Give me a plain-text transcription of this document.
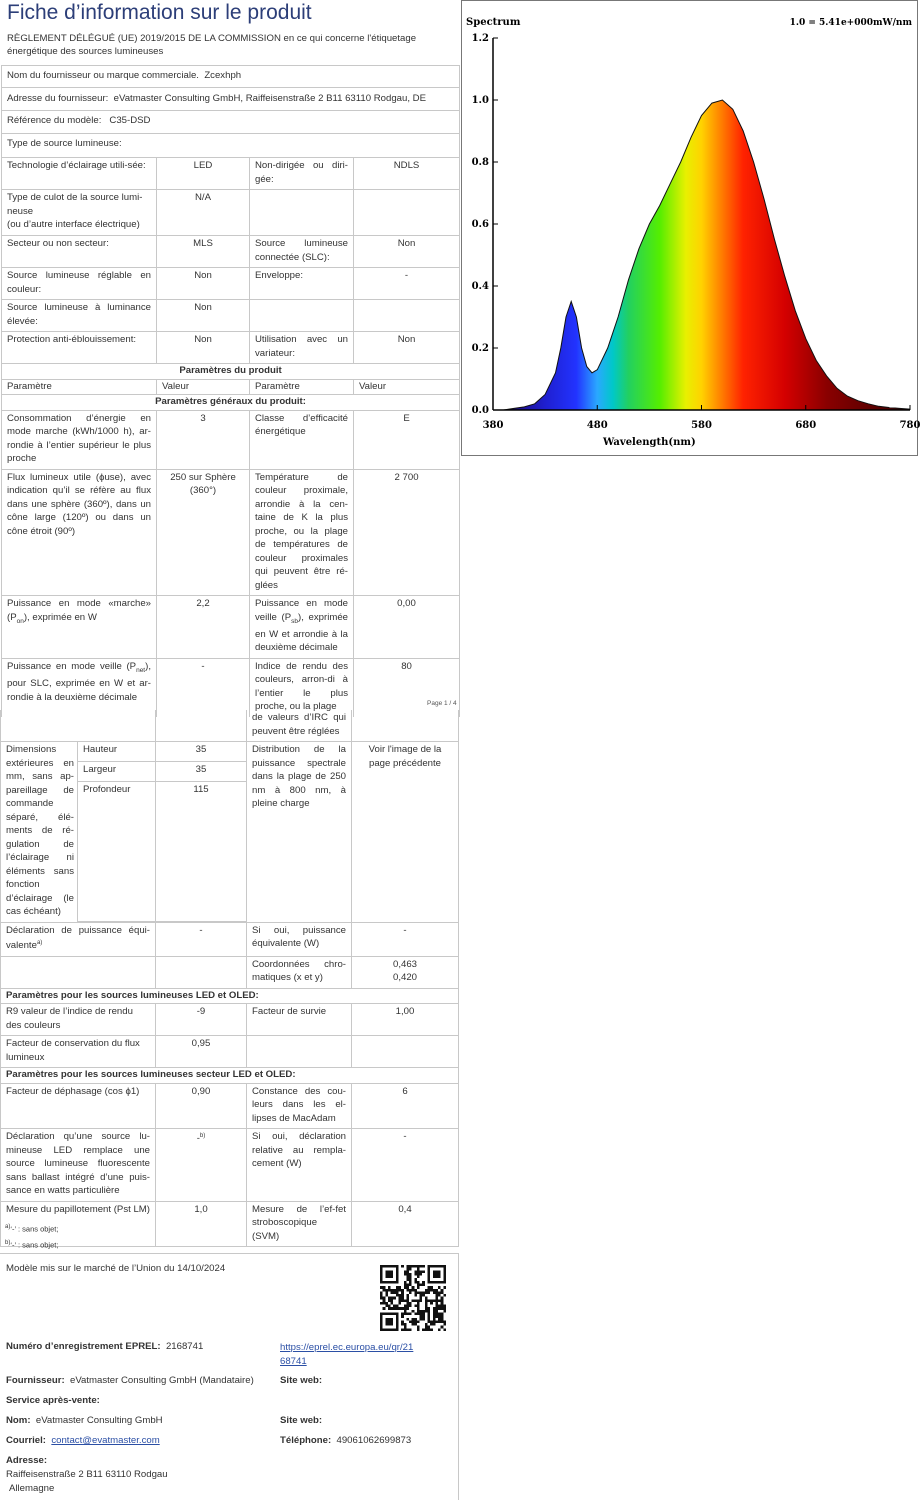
Fiche d’information sur le produit
RÈGLEMENT DÉLÉGUÉ (UE) 2019/2015 DE LA COMMISSION en ce qui concerne l'étiquetage énergétique des sources lumineuses
Nom du fournisseur ou marque commerciale. Zcexhph			
Adresse du fournisseur: eVatmaster Consulting GmbH, Raiffeisenstraße 2 B11 63110 Rodgau, DE			
Référence du modèle: C35-DSD			
Type de source lumineuse:			
Technologie d’éclairage utili-sée:	LED	Non-dirigée ou diri-gée:	NDLS
Type de culot de la source lumi-neuse
(ou d’autre interface électrique)	N/A		
Secteur ou non secteur:	MLS	Source lumineuse connectée (SLC):	Non
Source lumineuse réglable en couleur:	Non	Enveloppe:	-
Source lumineuse à luminance élevée:	Non		
Protection anti-éblouissement:	Non	Utilisation avec un variateur:	Non
Paramètres du produit			
Paramètre	Valeur	Paramètre	Valeur
Paramètres généraux du produit:			
Consommation d’énergie en mode marche (kWh/1000 h), ar-rondie à l’entier supérieur le plus proche	3	Classe d’efficacité énergétique	E
Flux lumineux utile (ϕuse), avec indication qu’il se réfère au flux dans une sphère (360º), dans un cône large (120º) ou dans un cône étroit (90º)	250 sur Sphère (360°)	Température de couleur proximale, arrondie à la cen-taine de K la plus proche, ou la plage de températures de couleur proximales qui peuvent être ré-glées	2 700
Puissance en mode «marche» $(P_{on})$, exprimée en W	2,2	Puissance en mode veille $(P_{sb})$, exprimée en W et arrondie à la deuxième décimale	0,00
Puissance en mode veille $(P_{net})$, pour SLC, exprimée en W et ar-rondie à la deuxième décimale	-	Indice de rendu des couleurs, arron-di à l’entier le plus proche, ou la plage	80
Page 1 / 4
			de valeurs d’IRC qui peuvent être réglées	
Dimensions extérieures en mm, sans ap-pareillage de commande séparé, élé-ments de ré-gulation de l’éclairage ni éléments sans fonction d’éclairage (le cas échéant)	Hauteur	35	Distribution de la puissance spectrale dans la plage de 250 nm à 800 nm, à pleine charge	Voir l'image de la page précédente
	Largeur	35		
	Profondeur	115		

Déclaration de puissance équi-valente$^{a)}$		-	Si oui, puissance équivalente (W)	-
			Coordonnées chro-matiques (x et y)	0,463
0,420
Paramètres pour les sources lumineuses LED et OLED:				
R9 valeur de l’indice de rendu des couleurs		-9	Facteur de survie	1,00
Facteur de conservation du flux lumineux		0,95		
Paramètres pour les sources lumineuses secteur LED et OLED:				
Facteur de déphasage (cos ϕ1)		0,90	Constance des cou-leurs dans les el-lipses de MacAdam	6
Déclaration qu’une source lu-mineuse LED remplace une source lumineuse fluorescente sans ballast intégré d’une puis-sance en watts particulière		-$^{b)}$	Si oui, déclaration relative au rempla-cement (W)	-
Mesure du papillotement (Pst LM)		1,0	Mesure de l’ef-fet stroboscopique (SVM)	0,4
$^{a)}$‘-’ : sans objet;
$^{b)}$‘-’ : sans objet;
Modèle mis sur le marché de l’Union du 14/10/2024
Numéro d’enregistrement EPREL: 2168741	https://eprel.ec.europa.eu/qr/21
68741
Fournisseur: eVatmaster Consulting GmbH (Mandataire)	Site web:
Service après-vente:
Nom: eVatmaster Consulting GmbH	Site web:
Courriel: contact@evatmaster.com	Téléphone: 49061062699873
Adresse:
Raiffeisenstraße 2 B11 63110 Rodgau
Allemagne
0.0
0.2
0.4
0.6
0.8
1.0
1.2
380	480	580	680	780
Spectrum	1.0 = 5.41e+000mW/nm
Wavelength(nm)
